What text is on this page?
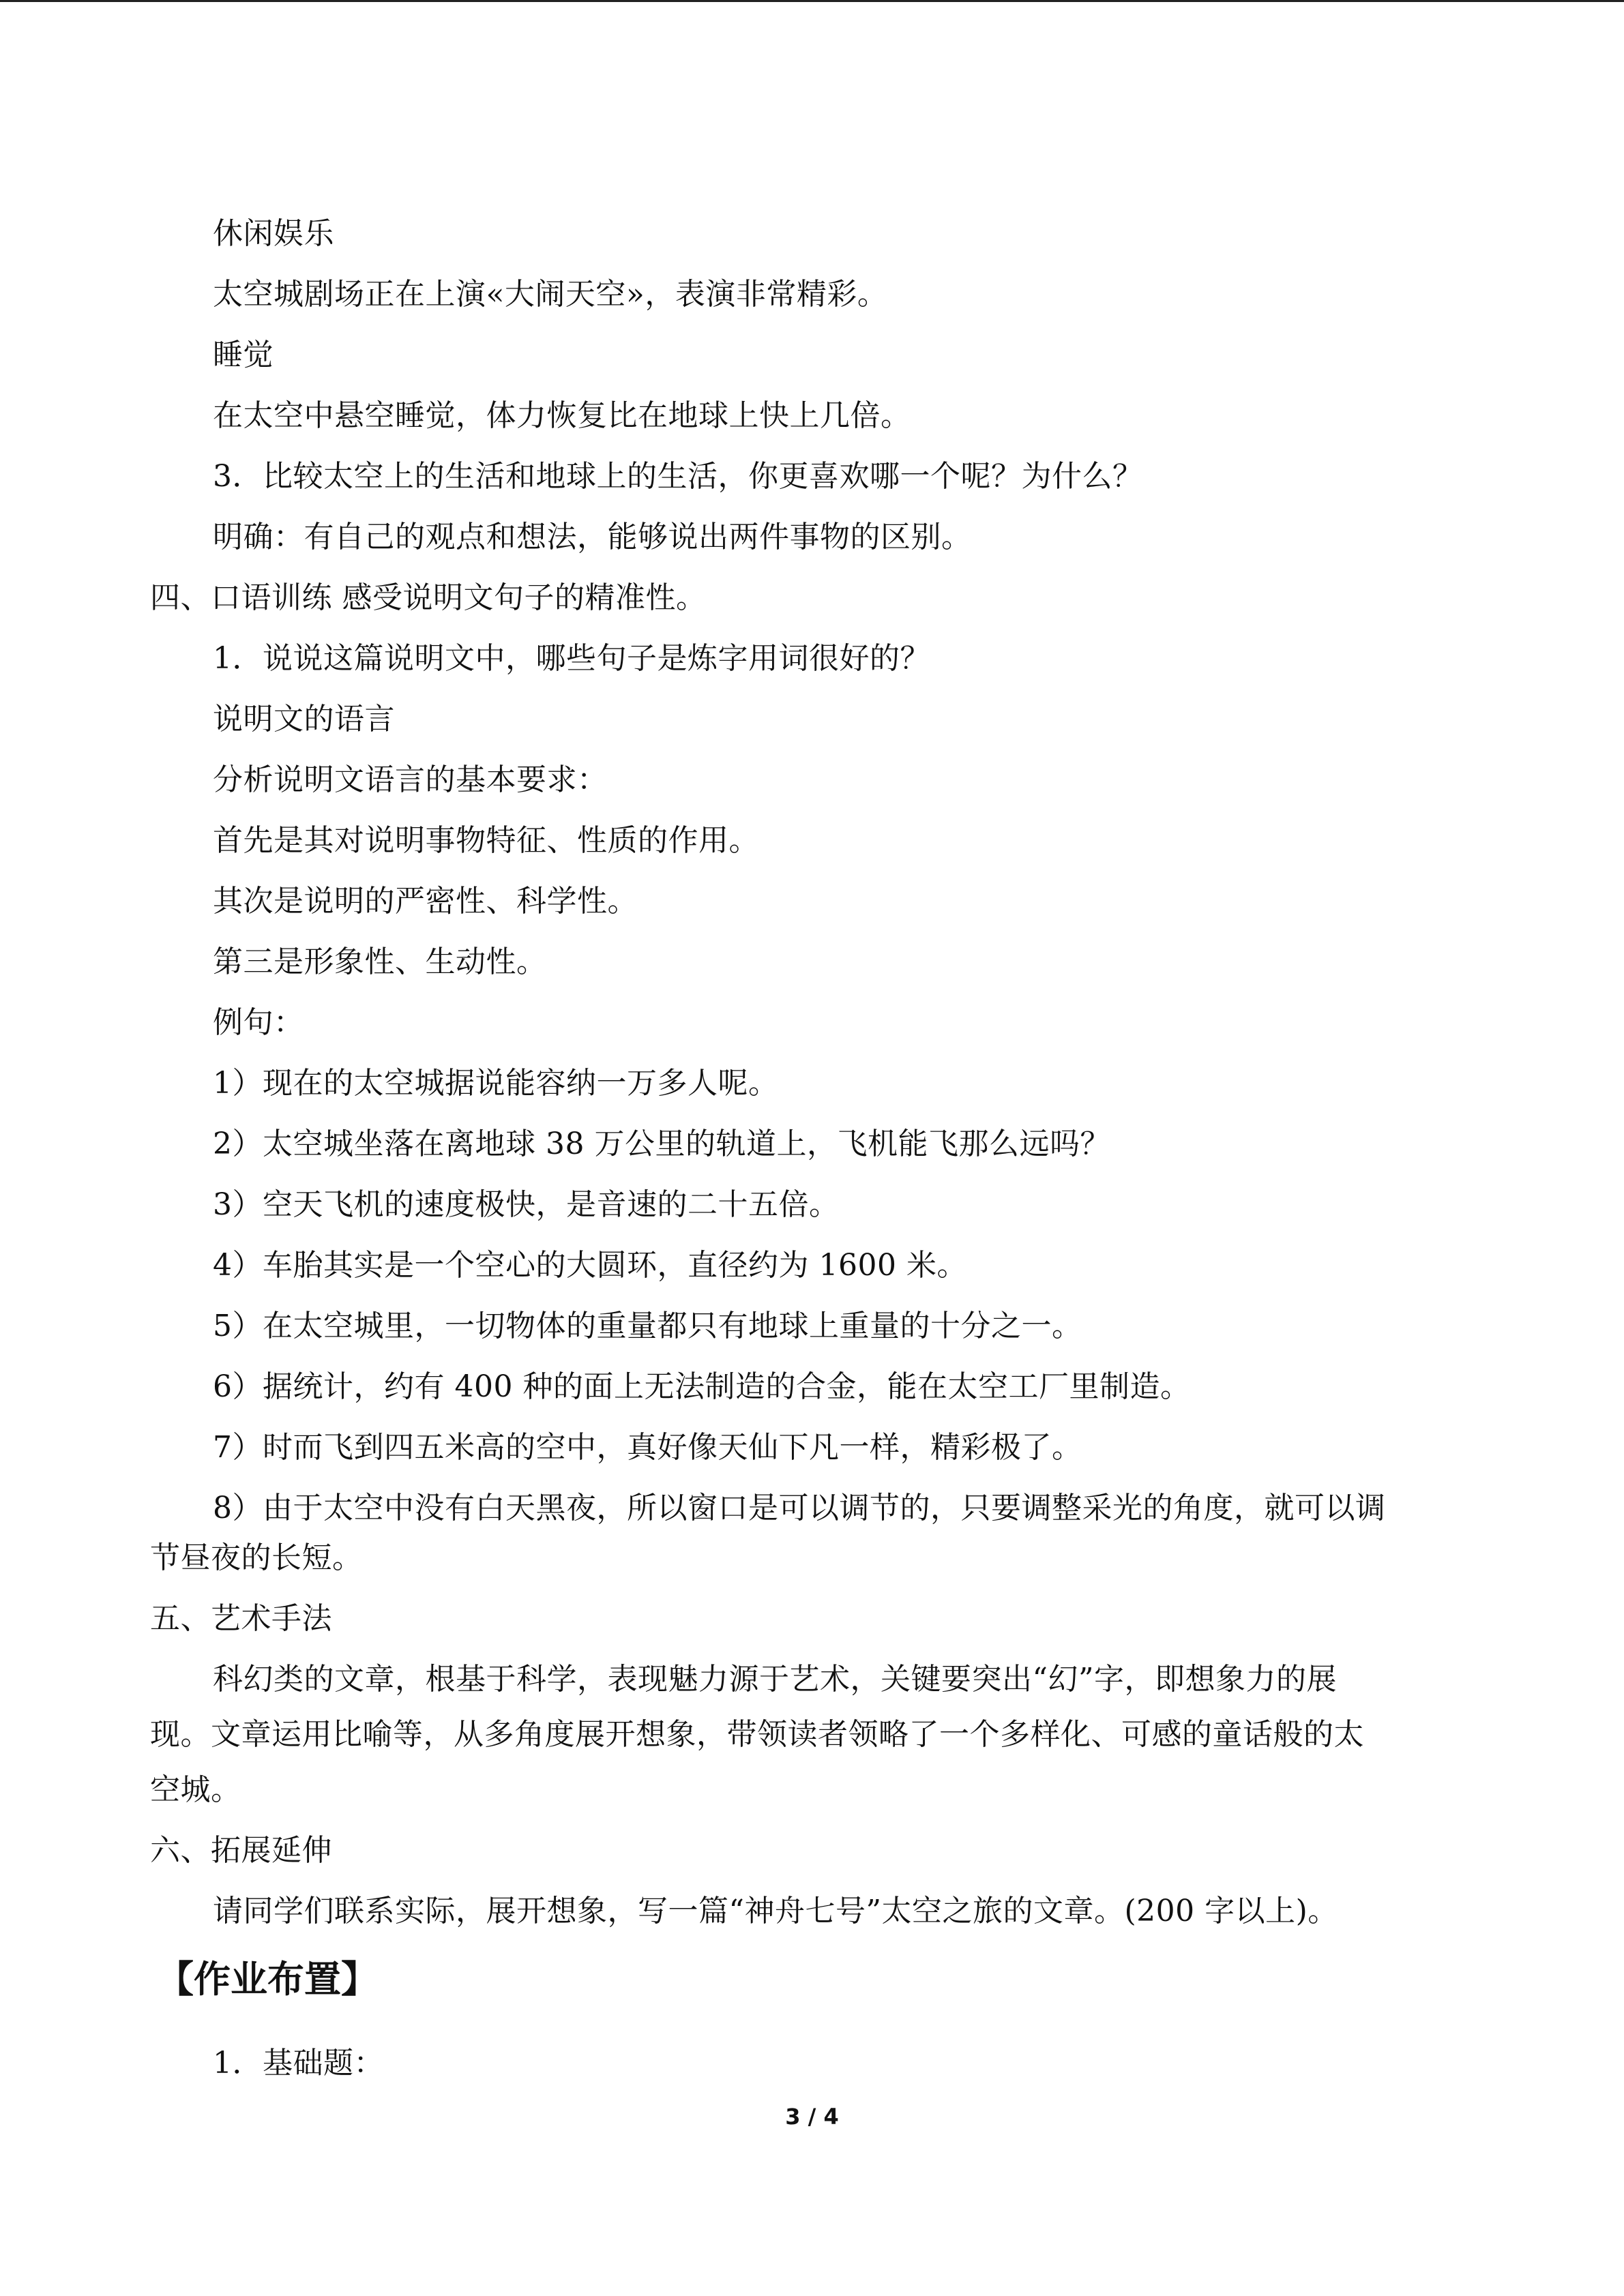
休闲娱乐
太空城剧场正在上演«大闹天空»，表演非常精彩。
睡觉
在太空中悬空睡觉，体力恢复比在地球上快上几倍。
3．比较太空上的生活和地球上的生活，你更喜欢哪一个呢？为什么？
明确：有自己的观点和想法，能够说出两件事物的区别。
四、口语训练 感受说明文句子的精准性。
1．说说这篇说明文中，哪些句子是炼字用词很好的？
说明文的语言
分析说明文语言的基本要求：
首先是其对说明事物特征、性质的作用。
其次是说明的严密性、科学性。
第三是形象性、生动性。
例句：
1）现在的太空城据说能容纳一万多人呢。
2）太空城坐落在离地球 38 万公里的轨道上，飞机能飞那么远吗？
3）空天飞机的速度极快，是音速的二十五倍。
4）车胎其实是一个空心的大圆环，直径约为 1600 米。
5）在太空城里，一切物体的重量都只有地球上重量的十分之一。
6）据统计，约有 400 种的面上无法制造的合金，能在太空工厂里制造。
7）时而飞到四五米高的空中，真好像天仙下凡一样，精彩极了。
8）由于太空中没有白天黑夜，所以窗口是可以调节的，只要调整采光的角度，就可以调
节昼夜的长短。
五、艺术手法
科幻类的文章，根基于科学，表现魅力源于艺术，关键要突出“幻”字，即想象力的展
现。文章运用比喻等，从多角度展开想象，带领读者领略了一个多样化、可感的童话般的太
空城。
六、拓展延伸
请同学们联系实际，展开想象，写一篇“神舟七号”太空之旅的文章。(200 字以上)。
【作业布置】
1．基础题：
3 / 4
